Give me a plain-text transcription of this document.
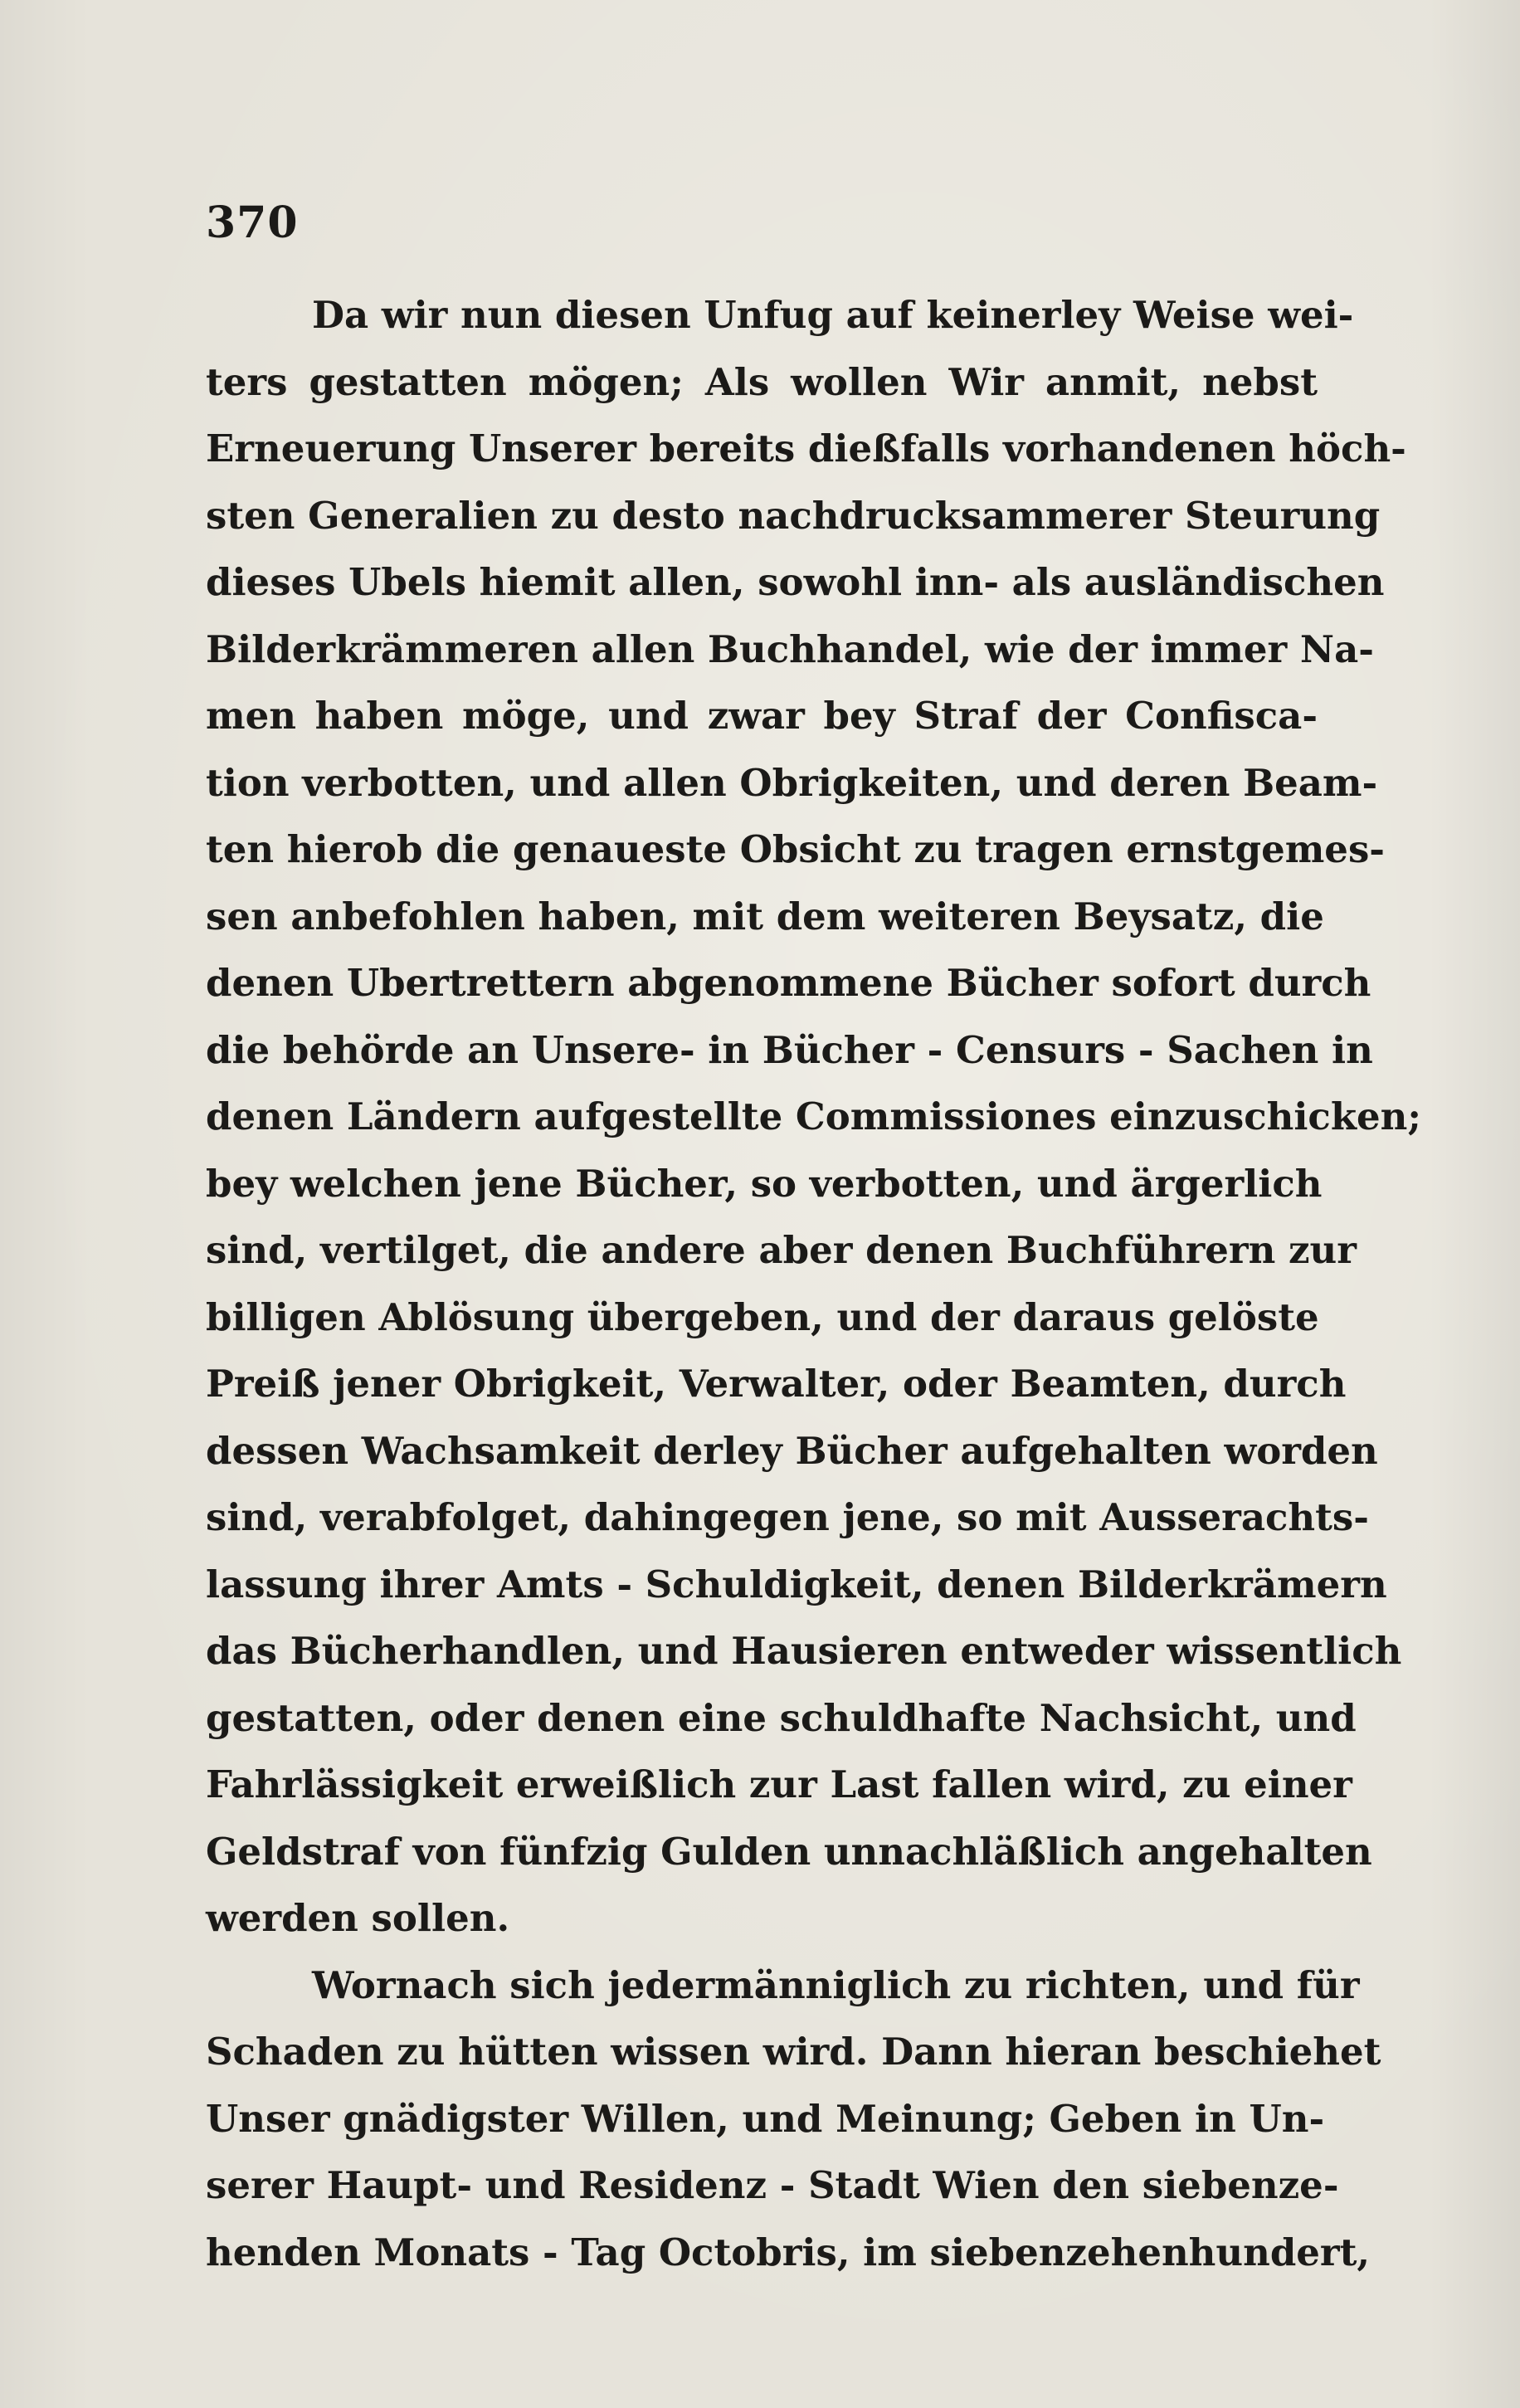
370
Da wir nun diesen Unfug auf keinerley Weise wei-
ters gestatten mögen; Als wollen Wir anmit, nebst
Erneuerung Unserer bereits dießfalls vorhandenen höch-
sten Generalien zu desto nachdrucksammerer Steurung
dieses Ubels hiemit allen, sowohl inn- als ausländischen
Bilderkrämmeren allen Buchhandel, wie der immer Na-
men haben möge, und zwar bey Straf der Confisca-
tion verbotten, und allen Obrigkeiten, und deren Beam-
ten hierob die genaueste Obsicht zu tragen ernstgemes-
sen anbefohlen haben, mit dem weiteren Beysatz, die
denen Ubertrettern abgenommene Bücher sofort durch
die behörde an Unsere- in Bücher - Censurs - Sachen in
denen Ländern aufgestellte Commissiones einzuschicken;
bey welchen jene Bücher, so verbotten, und ärgerlich
sind, vertilget, die andere aber denen Buchführern zur
billigen Ablösung übergeben, und der daraus gelöste
Preiß jener Obrigkeit, Verwalter, oder Beamten, durch
dessen Wachsamkeit derley Bücher aufgehalten worden
sind, verabfolget, dahingegen jene, so mit Ausserachts-
lassung ihrer Amts - Schuldigkeit, denen Bilderkrämern
das Bücherhandlen, und Hausieren entweder wissentlich
gestatten, oder denen eine schuldhafte Nachsicht, und
Fahrlässigkeit erweißlich zur Last fallen wird, zu einer
Geldstraf von fünfzig Gulden unnachläßlich angehalten
werden sollen.
Wornach sich jedermänniglich zu richten, und für
Schaden zu hütten wissen wird. Dann hieran beschiehet
Unser gnädigster Willen, und Meinung; Geben in Un-
serer Haupt- und Residenz - Stadt Wien den siebenze-
henden Monats - Tag Octobris, im siebenzehenhundert,
